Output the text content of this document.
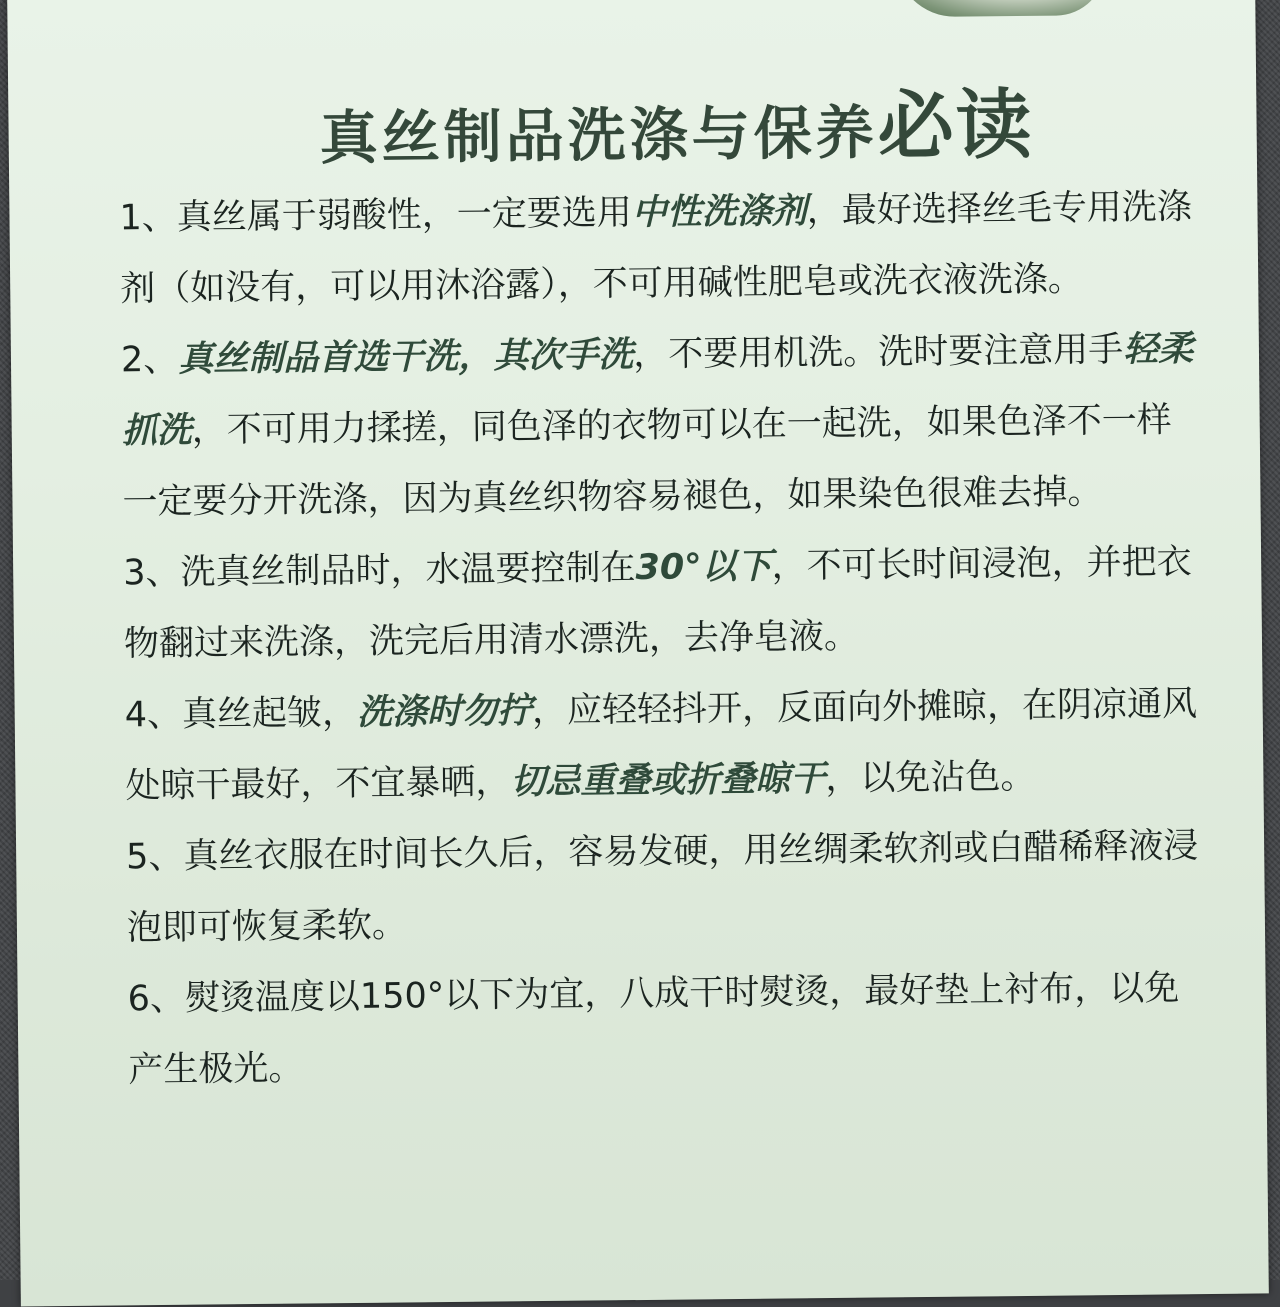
真丝制品洗涤与保养必读

1、真丝属于弱酸性，一定要选用中性洗涤剂，最好选择丝毛专用洗涤剂（如没有，可以用沐浴露），不可用碱性肥皂或洗衣液洗涤。

2、真丝制品首选干洗，其次手洗，不要用机洗。洗时要注意用手轻柔抓洗，不可用力揉搓，同色泽的衣物可以在一起洗，如果色泽不一样一定要分开洗涤，因为真丝织物容易褪色，如果染色很难去掉。

3、洗真丝制品时，水温要控制在30°以下，不可长时间浸泡，并把衣物翻过来洗涤，洗完后用清水漂洗，去净皂液。

4、真丝起皱，洗涤时勿拧，应轻轻抖开，反面向外摊晾，在阴凉通风处晾干最好，不宜暴晒，切忌重叠或折叠晾干，以免沾色。

5、真丝衣服在时间长久后，容易发硬，用丝绸柔软剂或白醋稀释液浸泡即可恢复柔软。

6、熨烫温度以150°以下为宜，八成干时熨烫，最好垫上衬布，以免产生极光。
